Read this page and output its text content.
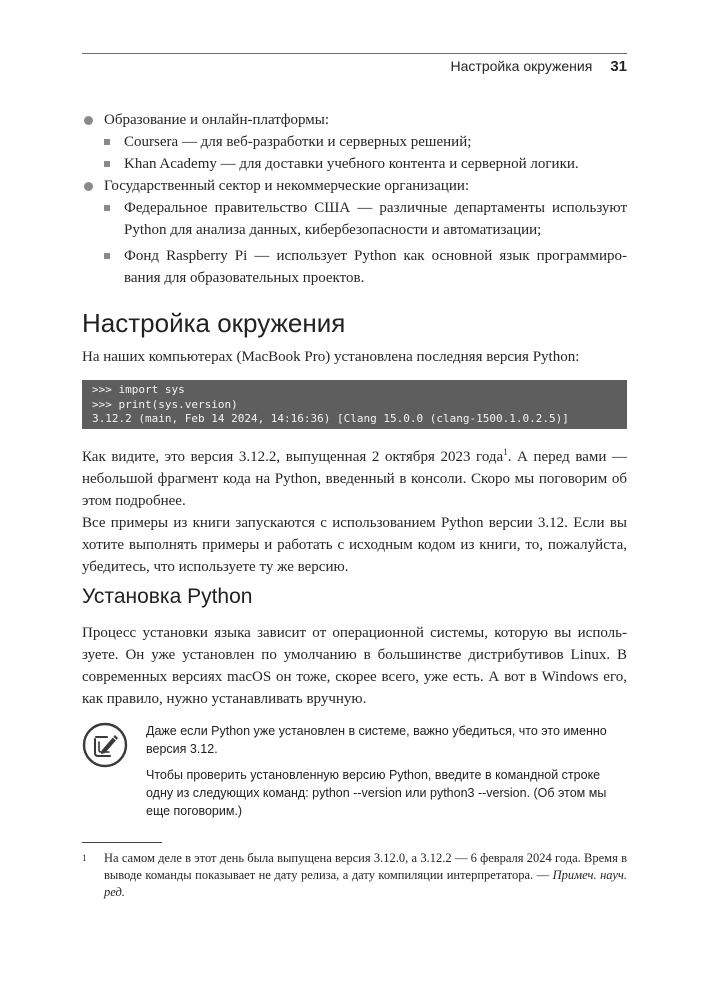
Настройка окружения 31
Образование и онлайн-платформы:
Coursera — для веб-разработки и серверных решений;
Khan Academy — для доставки учебного контента и серверной логики.
Государственный сектор и некоммерческие организации:
Федеральное правительство США — различные департаменты используют Python для анализа данных, кибербезопасности и автоматизации;
Фонд Raspberry Pi — использует Python как основной язык программирования для образовательных проектов.
Настройка окружения

На наших компьютерах (MacBook Pro) установлена последняя версия Python:

>>> import sys
>>> print(sys.version)
3.12.2 (main, Feb 14 2024, 14:16:36) [Clang 15.0.0 (clang-1500.1.0.2.5)]

Как видите, это версия 3.12.2, выпущенная 2 октября 2023 года$^1$. А перед вами — небольшой фрагмент кода на Python, введенный в консоли. Скоро мы поговорим об этом подробнее.

Все примеры из книги запускаются с использованием Python версии 3.12. Если вы хотите выполнять примеры и работать с исходным кодом из книги, то, пожалуйста, убедитесь, что используете ту же версию.

Установка Python

Процесс установки языка зависит от операционной системы, которую вы используете. Он уже установлен по умолчанию в большинстве дистрибутивов Linux. В современных версиях macOS он тоже, скорее всего, уже есть. А вот в Windows его, как правило, нужно устанавливать вручную.

Даже если Python уже установлен в системе, важно убедиться, что это именно версия 3.12.

Чтобы проверить установленную версию Python, введите в командной строке одну из следующих команд: python --version или python3 --version. (Об этом мы еще поговорим.)

1 На самом деле в этот день была выпущена версия 3.12.0, а 3.12.2 — 6 февраля 2024 года. Время в выводе команды показывает не дату релиза, а дату компиляции интерпретатора. — Примеч. науч. ред.
